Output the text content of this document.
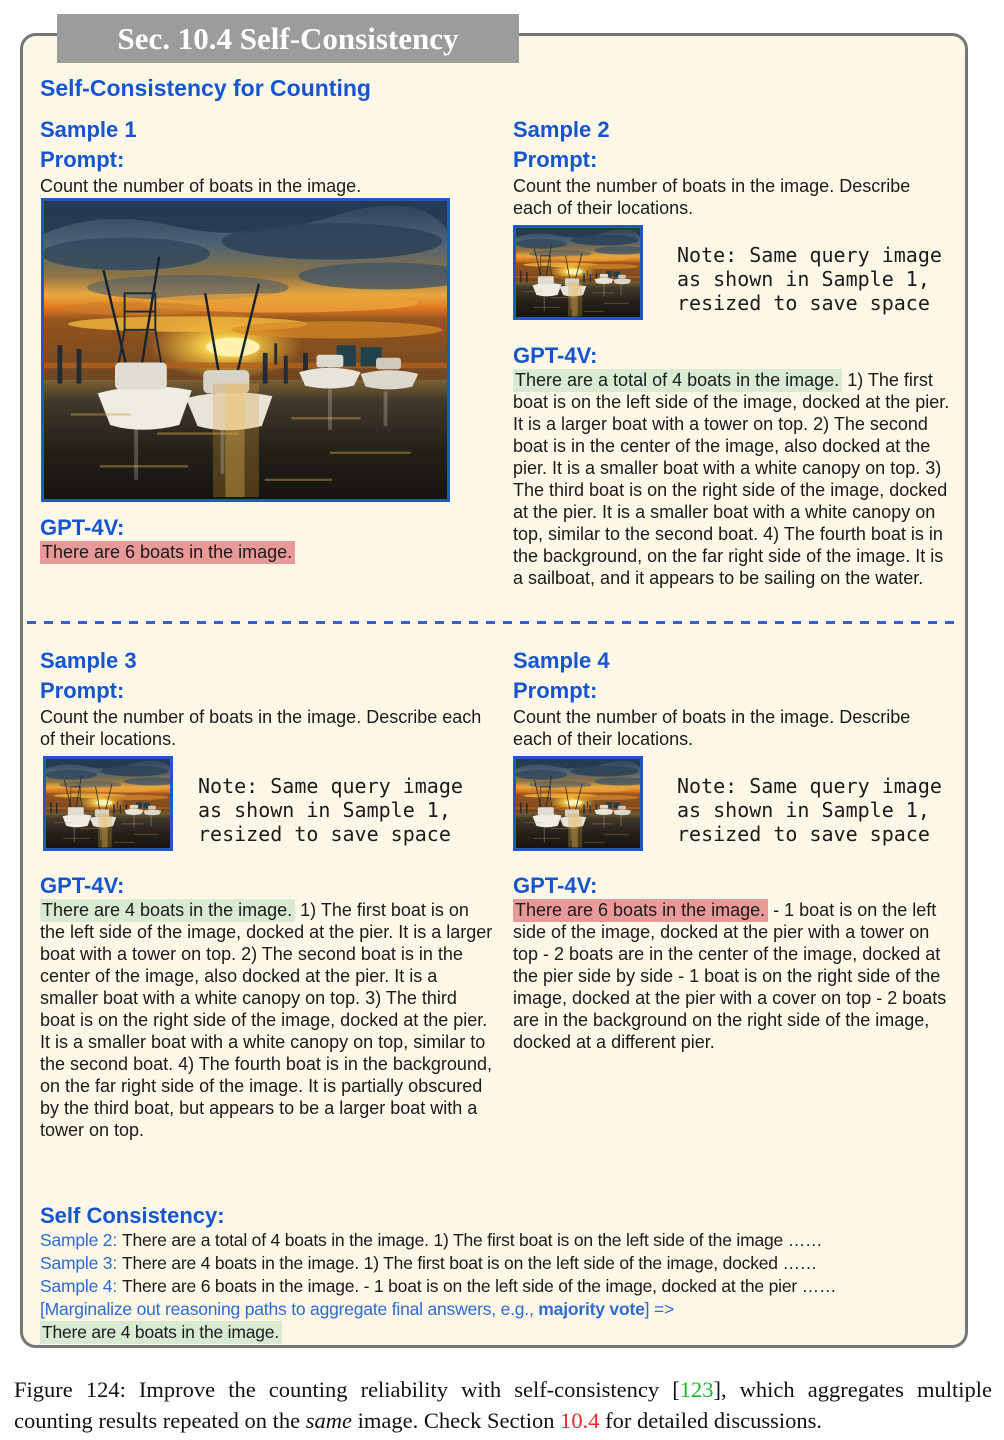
Sec. 10.4 Self-Consistency
Self-Consistency for Counting
Sample 1
Prompt:
Count the number of boats in the image.
GPT-4V:
There are 6 boats in the image.
Sample 2
Prompt:
Count the number of boats in the image. Describe each of their locations.
Note: Same query image as shown in Sample 1, resized to save space
GPT-4V:
There are a total of 4 boats in the image. 1) The first boat is on the left side of the image, docked at the pier. It is a larger boat with a tower on top. 2) The second boat is in the center of the image, also docked at the pier. It is a smaller boat with a white canopy on top. 3) The third boat is on the right side of the image, docked at the pier. It is a smaller boat with a white canopy on top, similar to the second boat. 4) The fourth boat is in the background, on the far right side of the image. It is a sailboat, and it appears to be sailing on the water.
Sample 3
Prompt:
Count the number of boats in the image. Describe each of their locations.
Note: Same query image as shown in Sample 1, resized to save space
GPT-4V:
There are 4 boats in the image. 1) The first boat is on the left side of the image, docked at the pier. It is a larger boat with a tower on top. 2) The second boat is in the center of the image, also docked at the pier. It is a smaller boat with a white canopy on top. 3) The third boat is on the right side of the image, docked at the pier. It is a smaller boat with a white canopy on top, similar to the second boat. 4) The fourth boat is in the background, on the far right side of the image. It is partially obscured by the third boat, but appears to be a larger boat with a tower on top.
Sample 4
Prompt:
Count the number of boats in the image. Describe each of their locations.
Note: Same query image as shown in Sample 1, resized to save space
GPT-4V:
There are 6 boats in the image. - 1 boat is on the left side of the image, docked at the pier with a tower on top - 2 boats are in the center of the image, docked at the pier side by side - 1 boat is on the right side of the image, docked at the pier with a cover on top - 2 boats are in the background on the right side of the image, docked at a different pier.
Self Consistency:
Sample 2: There are a total of 4 boats in the image. 1) The first boat is on the left side of the image ……
Sample 3: There are 4 boats in the image. 1) The first boat is on the left side of the image, docked ……
Sample 4: There are 6 boats in the image. - 1 boat is on the left side of the image, docked at the pier ……
[Marginalize out reasoning paths to aggregate final answers, e.g., majority vote] =>
There are 4 boats in the image.
Figure 124: Improve the counting reliability with self-consistency [123], which aggregates multiple counting results repeated on the same image. Check Section 10.4 for detailed discussions.
